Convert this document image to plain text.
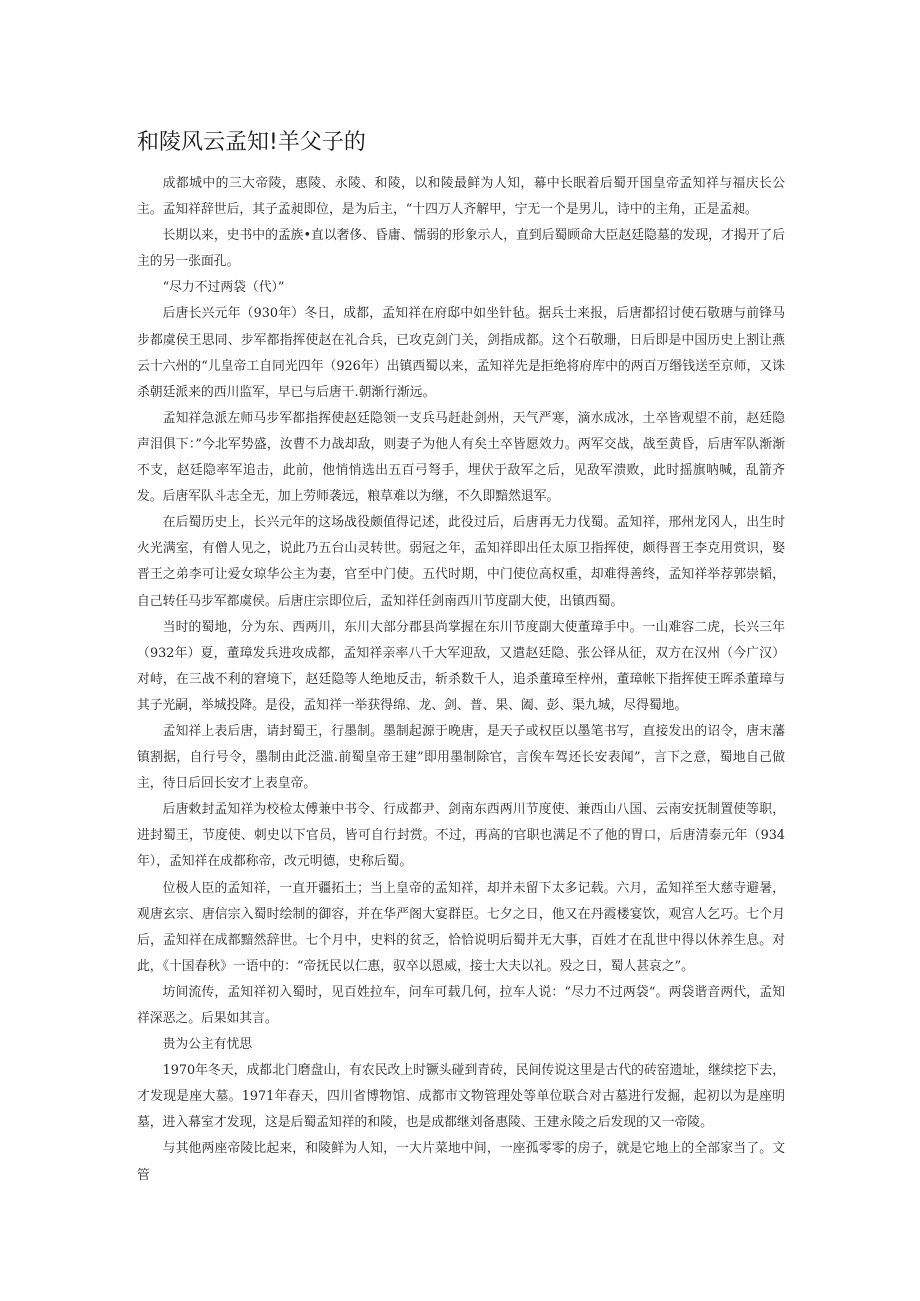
和陵风云孟知!羊父子的

成都城中的三大帝陵，惠陵、永陵、和陵，以和陵最鲜为人知，幕中长眠着后蜀开国皇帝孟知祥与福庆长公主。孟知祥辞世后，其子孟昶即位，是为后主，“十四万人齐解甲，宁无一个是男儿，诗中的主角，正是孟昶。

长期以来，史书中的孟族•直以奢侈、昏庸、懦弱的形象示人，直到后蜀顾命大臣赵廷隐墓的发现，才揭开了后主的另一张面孔。

“尽力不过两袋（代）”

后唐长兴元年（930年）冬日，成都，孟知祥在府邸中如坐针毡。据兵士来报，后唐都招讨使石敬瑭与前锋马步都虞侯王思同、步军都指挥使赵在礼合兵，已攻克剑门关，剑指成都。这个石敬珊，日后即是中国历史上割让燕云十六州的“儿皇帝工自同光四年（926年）出镇西蜀以来，孟知祥先是拒绝将府库中的两百万缗钱送至京师，又诛杀朝廷派来的西川监军，早已与后唐干.朝渐行渐远。

孟知祥急派左师马步军都指挥使赵廷隐领一支兵马赶赴剑州，天气严寒，滴水成冰，土卒皆观望不前，赵廷隐声泪俱下：”今北军势盛，汝曹不力战却敌，则妻子为他人有矣土卒皆愿效力。两军交战，战至黄昏，后唐军队渐渐不支，赵廷隐率军追击，此前，他悄悄选出五百弓弩手，埋伏于敌军之后，见敌军溃败，此时摇旗呐喊，乱箭齐发。后唐军队斗志全无，加上劳师袭远，粮草难以为继，不久即黯然退军。

在后蜀历史上，长兴元年的这场战役颇值得记述，此役过后，后唐再无力伐蜀。孟知祥，邢州龙冈人，出生时火光满室，有僧人见之，说此乃五台山灵转世。弱冠之年，孟知祥即出任太原卫指挥使，颇得晋王李克用赏识，娶晋王之弟李可让爱女琼华公主为妻，官至中门使。五代时期，中门使位高权重，却难得善终，孟知祥举荐郭崇韬，自己转任马步军都虞侯。后唐庄宗即位后，孟知祥任剑南西川节度副大使，出镇西蜀。

当时的蜀地，分为东、西两川，东川大部分郡县尚掌握在东川节度副大使董璋手中。一山难容二虎，长兴三年（932年）夏，董璋发兵进攻成都，孟知祥亲率八千大军迎敌，又遣赵廷隐、张公铎从征，双方在汉州（今广汉）对峙，在三战不利的窘境下，赵廷隐等人绝地反击，斩杀数千人，追杀董璋至梓州，董璋帐下指挥使王晖杀董璋与其子光嗣，举城投降。是役，孟知祥一举获得绵、龙、剑、普、果、阖、彭、渠九城，尽得蜀地。

孟知祥上表后唐，请封蜀王，行墨制。墨制起源于晚唐，是天子或权臣以墨笔书写，直接发出的诏令，唐末藩镇割据，自行号令，墨制由此泛滥.前蜀皇帝王建”即用墨制除官，言俟车驾还长安表闻”，言下之意，蜀地自己做主，待日后回长安才上表皇帝。

后唐敕封孟知祥为校检太傅兼中书令、行成都尹、剑南东西两川节度使、兼西山八国、云南安抚制置使等职，进封蜀王，节度使、刺史以下官员，皆可自行封赏。不过，再高的官职也满足不了他的胃口，后唐清泰元年（934年），孟知祥在成都称帝，改元明德，史称后蜀。

位极人臣的孟知祥，一直开疆拓土；当上皇帝的孟知祥，却并未留下太多记载。六月，孟知祥至大慈寺避暑，观唐玄宗、唐信宗入蜀时绘制的御容，并在华严阁大宴群臣。七夕之日，他又在丹霞楼宴饮，观宫人乞巧。七个月后，孟知祥在成都黯然辞世。七个月中，史料的贫乏，恰恰说明后蜀并无大事，百姓才在乱世中得以休养生息。对此，《十国春秋》一语中的：“帝抚民以仁惠，驭卒以恩威，接士大夫以礼。殁之日，蜀人甚哀之”。

坊间流传，孟知祥初入蜀时，见百姓拉车，问车可载几何，拉车人说：“尽力不过两袋“。两袋谐音两代，孟知祥深恶之。后果如其言。

贵为公主有忧思

1970年冬天，成都北门磨盘山，有农民改上时镢头碰到青砖，民间传说这里是古代的砖窑遗址，继续挖下去，才发现是座大墓。1971年春天，四川省博物馆、成都市文物管理处等单位联合对古墓进行发掘，起初以为是座明墓，进入幕室才发现，这是后蜀孟知祥的和陵，也是成都继刘备惠陵、王建永陵之后发现的又一帝陵。

与其他两座帝陵比起来，和陵鲜为人知，一大片菜地中间，一座孤零零的房子，就是它地上的全部家当了。文管
